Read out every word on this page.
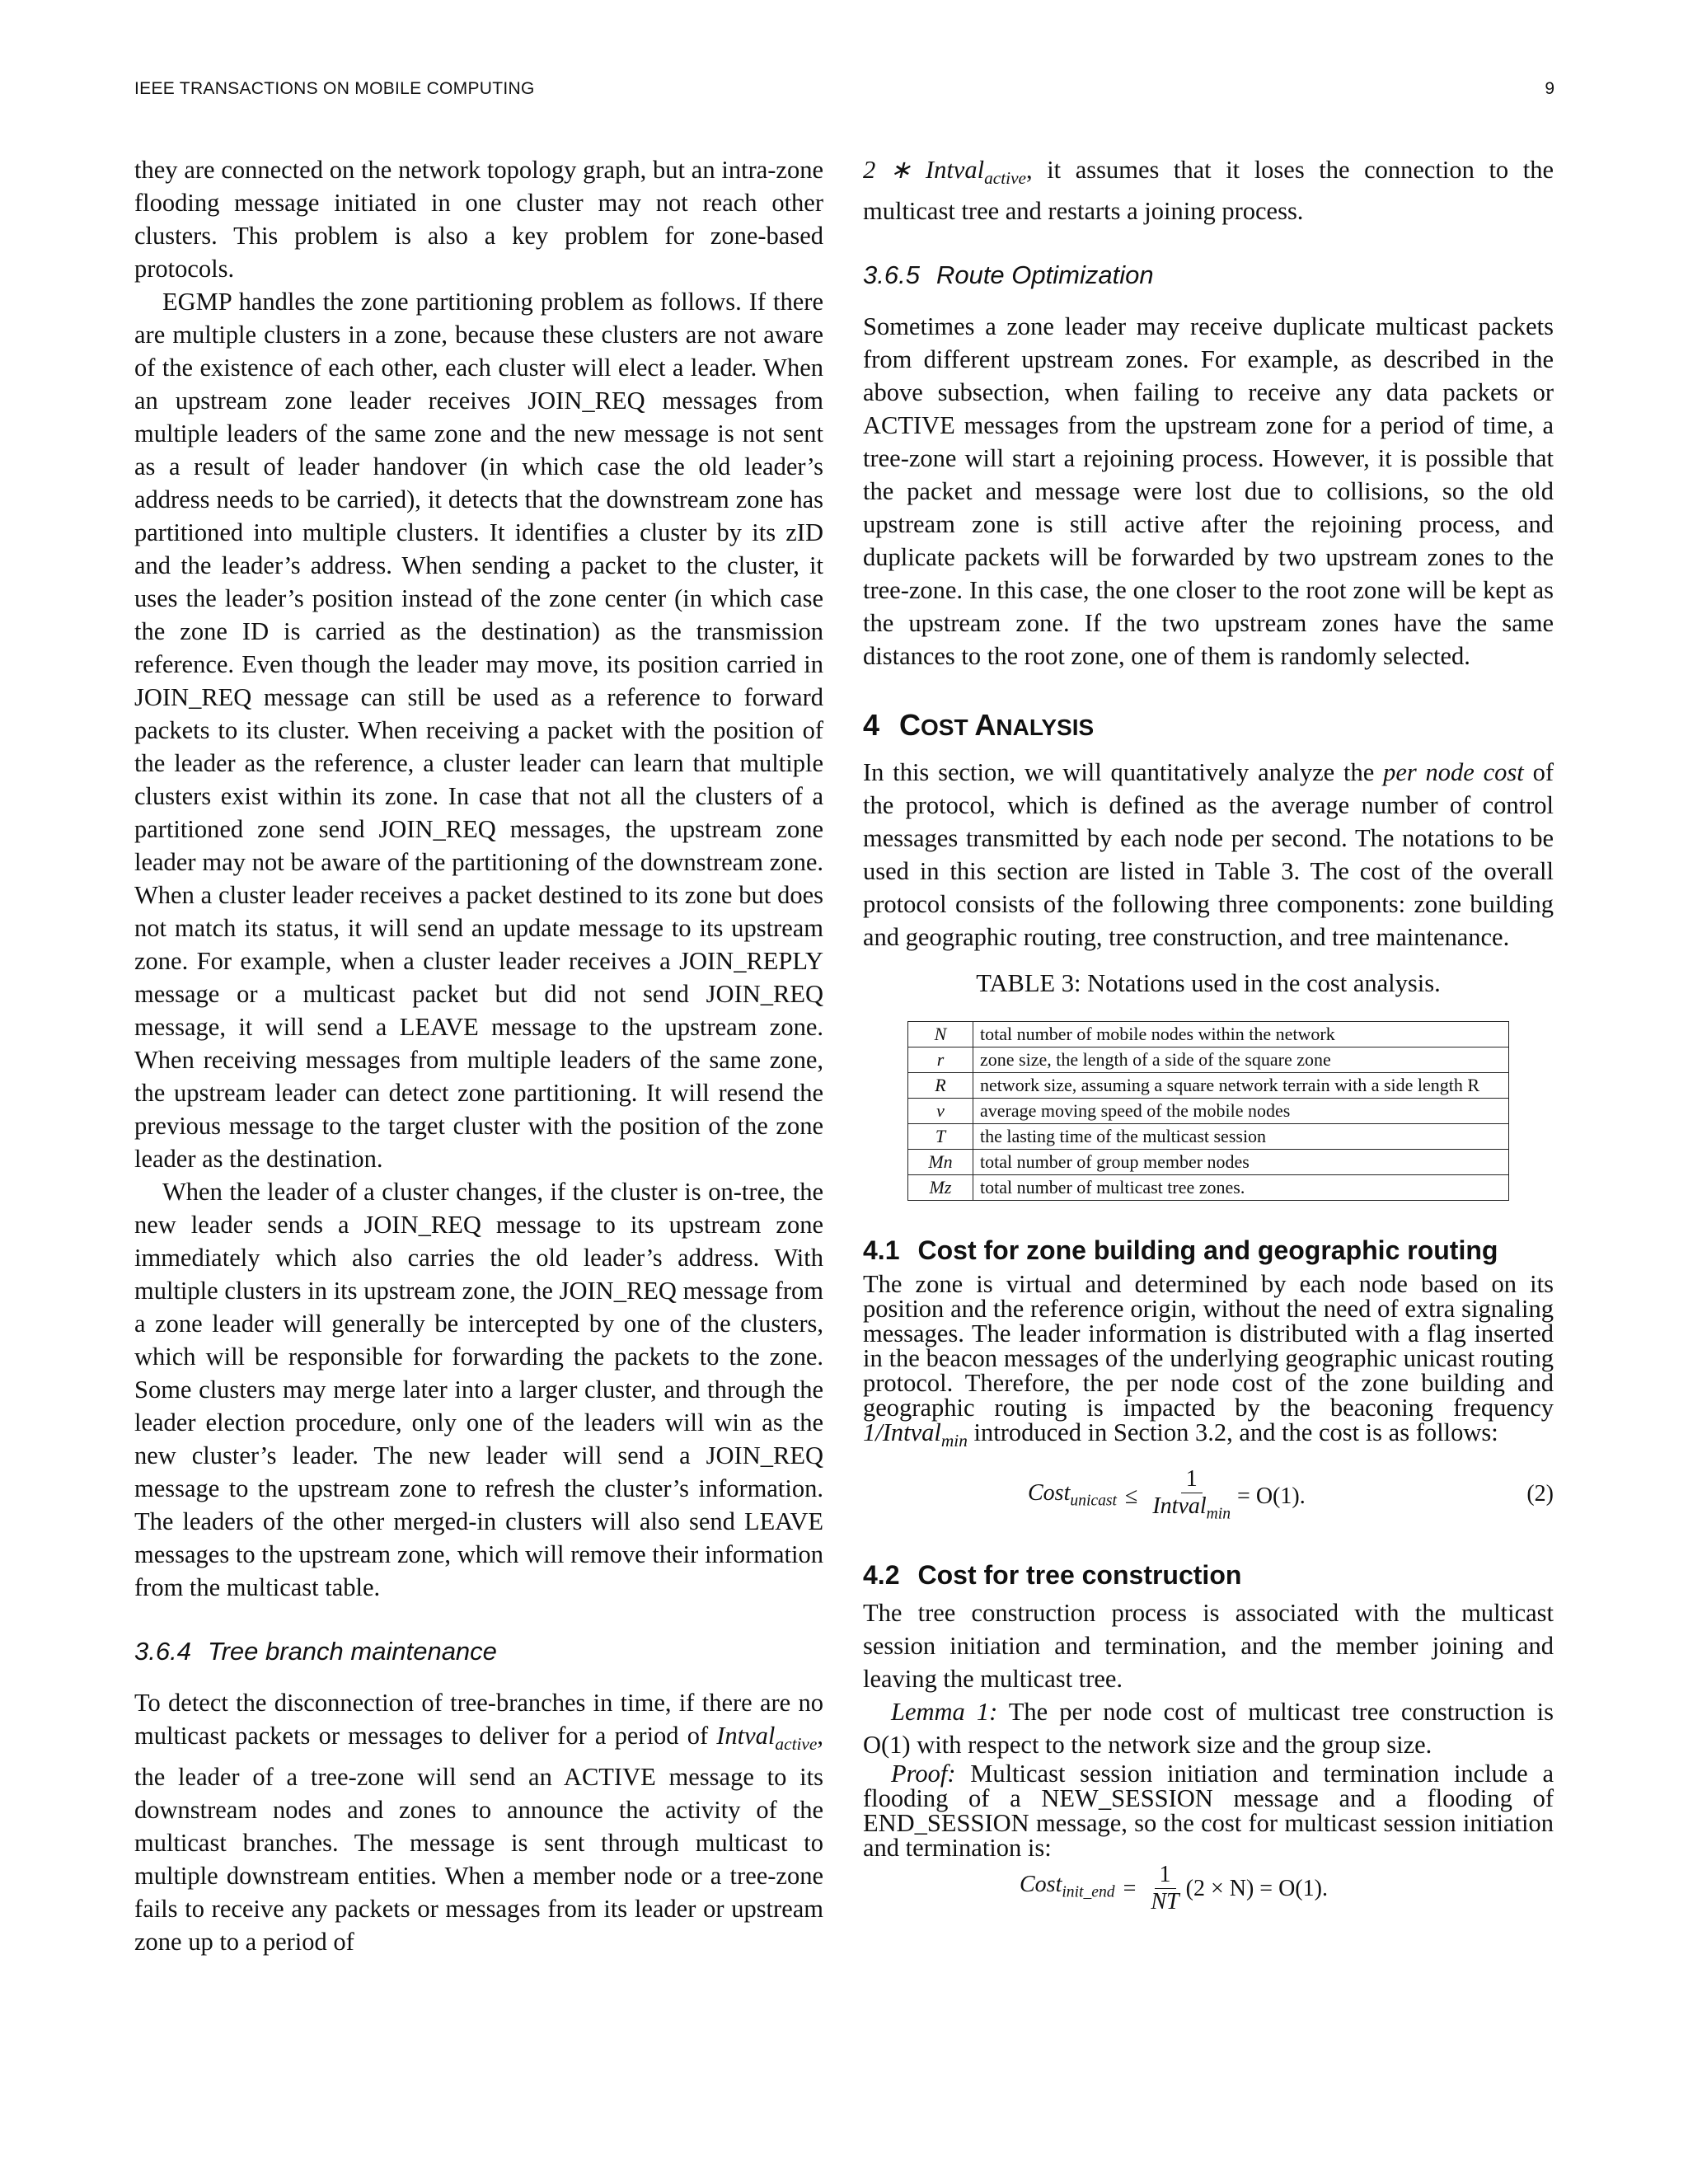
IEEE TRANSACTIONS ON MOBILE COMPUTING	9

they are connected on the network topology graph, but an intra-zone flooding message initiated in one cluster may not reach other clusters. This problem is also a key problem for zone-based protocols.

EGMP handles the zone partitioning problem as follows. If there are multiple clusters in a zone, because these clusters are not aware of the existence of each other, each cluster will elect a leader. When an upstream zone leader receives JOIN_REQ messages from multiple leaders of the same zone and the new message is not sent as a result of leader handover (in which case the old leader’s address needs to be carried), it detects that the downstream zone has partitioned into multiple clusters. It identifies a cluster by its zID and the leader’s address. When sending a packet to the cluster, it uses the leader’s position instead of the zone center (in which case the zone ID is carried as the destination) as the transmission reference. Even though the leader may move, its position carried in JOIN_REQ message can still be used as a reference to forward packets to its cluster. When receiving a packet with the position of the leader as the reference, a cluster leader can learn that multiple clusters exist within its zone. In case that not all the clusters of a partitioned zone send JOIN_REQ messages, the upstream zone leader may not be aware of the partitioning of the downstream zone. When a cluster leader receives a packet destined to its zone but does not match its status, it will send an update message to its upstream zone. For example, when a cluster leader receives a JOIN_REPLY message or a multicast packet but did not send JOIN_REQ message, it will send a LEAVE message to the upstream zone. When receiving messages from multiple leaders of the same zone, the upstream leader can detect zone partitioning. It will resend the previous message to the target cluster with the position of the zone leader as the destination.

When the leader of a cluster changes, if the cluster is on-tree, the new leader sends a JOIN_REQ message to its upstream zone immediately which also carries the old leader’s address. With multiple clusters in its upstream zone, the JOIN_REQ message from a zone leader will generally be intercepted by one of the clusters, which will be responsible for forwarding the packets to the zone. Some clusters may merge later into a larger cluster, and through the leader election procedure, only one of the leaders will win as the new cluster’s leader. The new leader will send a JOIN_REQ message to the upstream zone to refresh the cluster’s information. The leaders of the other merged-in clusters will also send LEAVE messages to the upstream zone, which will remove their information from the multicast table.

3.6.4 Tree branch maintenance

To detect the disconnection of tree-branches in time, if there are no multicast packets or messages to deliver for a period of Intval$_{active}$, the leader of a tree-zone will send an ACTIVE message to its downstream nodes and zones to announce the activity of the multicast branches. The message is sent through multicast to multiple downstream entities. When a member node or a tree-zone fails to receive any packets or messages from its leader or upstream zone up to a period of

2 ∗ Intval$_{active}$, it assumes that it loses the connection to the multicast tree and restarts a joining process.

3.6.5 Route Optimization

Sometimes a zone leader may receive duplicate multicast packets from different upstream zones. For example, as described in the above subsection, when failing to receive any data packets or ACTIVE messages from the upstream zone for a period of time, a tree-zone will start a rejoining process. However, it is possible that the packet and message were lost due to collisions, so the old upstream zone is still active after the rejoining process, and duplicate packets will be forwarded by two upstream zones to the tree-zone. In this case, the one closer to the root zone will be kept as the upstream zone. If the two upstream zones have the same distances to the root zone, one of them is randomly selected.

4 COST ANALYSIS

In this section, we will quantitatively analyze the per node cost of the protocol, which is defined as the average number of control messages transmitted by each node per second. The notations to be used in this section are listed in Table 3. The cost of the overall protocol consists of the following three components: zone building and geographic routing, tree construction, and tree maintenance.

TABLE 3: Notations used in the cost analysis.

N	total number of mobile nodes within the network
r	zone size, the length of a side of the square zone
R	network size, assuming a square network terrain with a side length R
v	average moving speed of the mobile nodes
T	the lasting time of the multicast session
Mn	total number of group member nodes
Mz	total number of multicast tree zones.
4.1 Cost for zone building and geographic routing

The zone is virtual and determined by each node based on its position and the reference origin, without the need of extra signaling messages. The leader information is distributed with a flag inserted in the beacon messages of the underlying geographic unicast routing protocol. Therefore, the per node cost of the zone building and geographic routing is impacted by the beaconing frequency 1/Intval$_{min}$ introduced in Section 3.2, and the cost is as follows:

Cost$_{unicast}$ ≤ $\frac{1}{Intval_{min}} = O(1)$.	(2)
4.2 Cost for tree construction

The tree construction process is associated with the multicast session initiation and termination, and the member joining and leaving the multicast tree.

Lemma 1: The per node cost of multicast tree construction is O(1) with respect to the network size and the group size.

Proof: Multicast session initiation and termination include a flooding of a NEW_SESSION message and a flooding of END_SESSION message, so the cost for multicast session initiation and termination is:

Cost$_{init\_end}$ = $\frac{1}{NT} (2 \times N) = O(1)$.
